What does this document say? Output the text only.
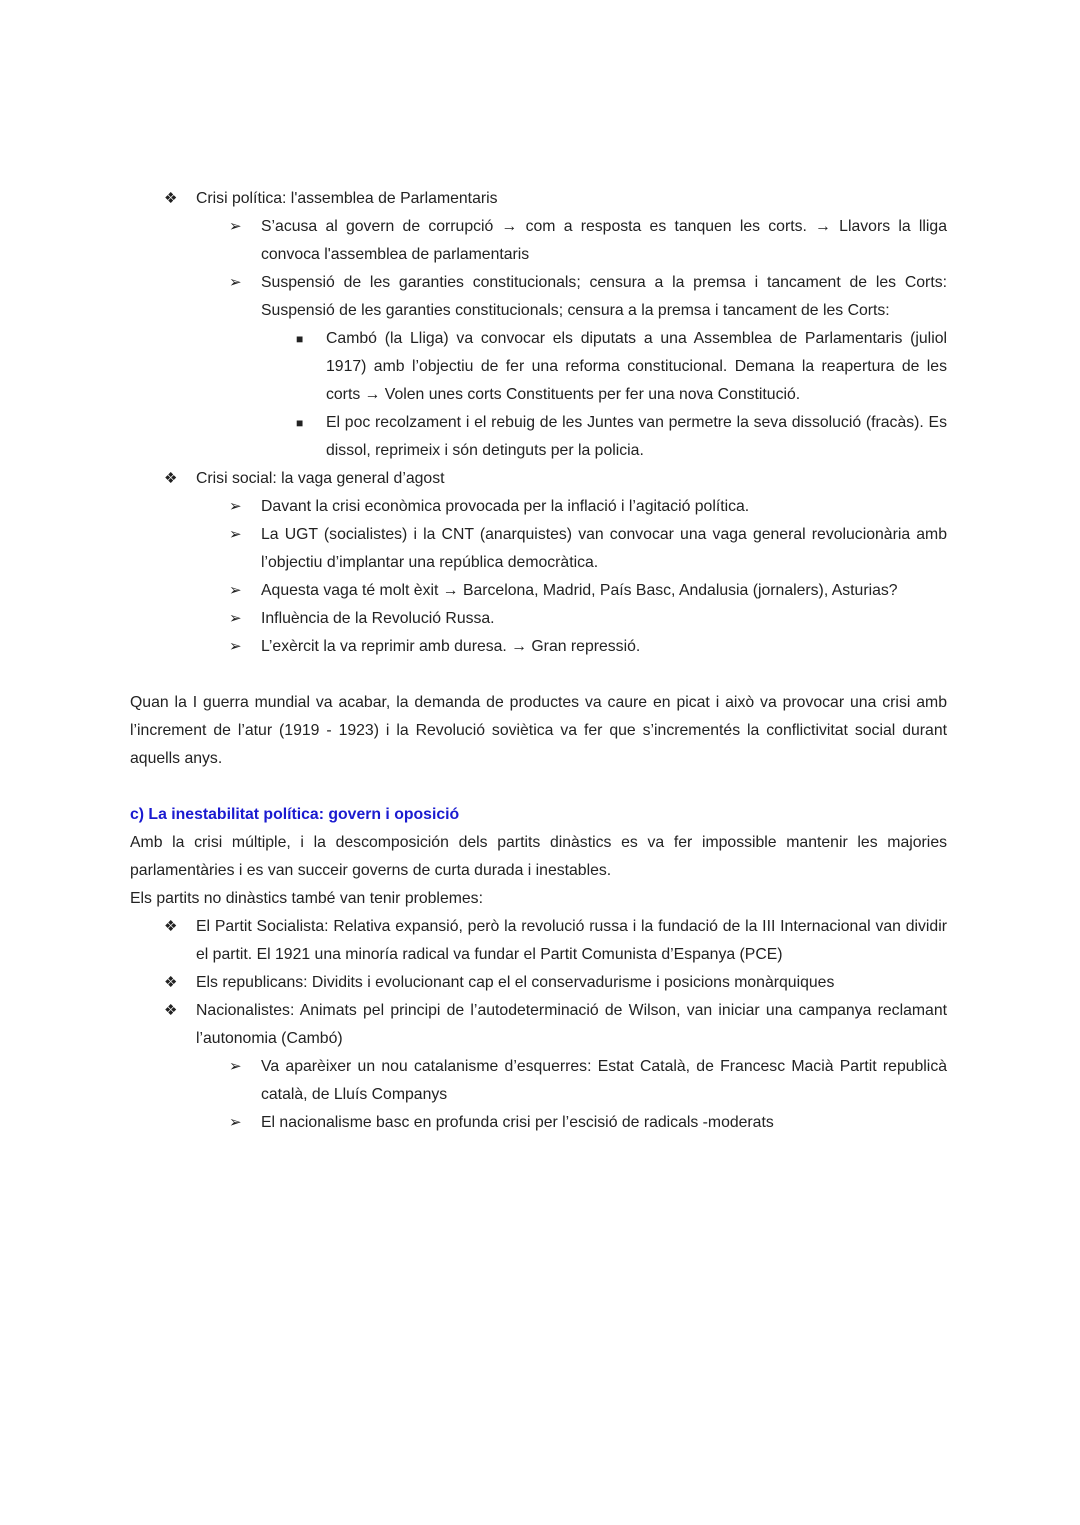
❖ Crisi política: l'assemblea de Parlamentaris
➢ S’acusa al govern de corrupció → com a resposta es tanquen les corts. → Llavors la lliga convoca l'assemblea de parlamentaris
➢ Suspensió de les garanties constitucionals; censura a la premsa i tancament de les Corts: Suspensió de les garanties constitucionals; censura a la premsa i tancament de les Corts:
■ Cambó (la Lliga) va convocar els diputats a una Assemblea de Parlamentaris (juliol 1917) amb l’objectiu de fer una reforma constitucional. Demana la reapertura de les corts → Volen unes corts Constituents per fer una nova Constitució.
■ El poc recolzament i el rebuig de les Juntes van permetre la seva dissolució (fracàs). Es dissol, reprimeix i són detinguts per la policia.
❖ Crisi social: la vaga general d’agost
➢ Davant la crisi econòmica provocada per la inflació i l’agitació política.
➢ La UGT (socialistes) i la CNT (anarquistes) van convocar una vaga general revolucionària amb l’objectiu d’implantar una república democràtica.
➢ Aquesta vaga té molt èxit → Barcelona, Madrid, País Basc, Andalusia (jornalers), Asturias?
➢ Influència de la Revolució Russa.
➢ L’exèrcit la va reprimir amb duresa. → Gran repressió.

Quan la I guerra mundial va acabar, la demanda de productes va caure en picat i això va provocar una crisi amb l’increment de l’atur (1919 - 1923) i la Revolució soviètica va fer que s’incrementés la conflictivitat social durant aquells anys.

c) La inestabilitat política: govern i oposició

Amb la crisi múltiple, i la descomposición dels partits dinàstics es va fer impossible mantenir les majories parlamentàries i es van succeir governs de curta durada i inestables.

Els partits no dinàstics també van tenir problemes:

❖ El Partit Socialista: Relativa expansió, però la revolució russa i la fundació de la III Internacional van dividir el partit. El 1921 una minoría radical va fundar el Partit Comunista d’Espanya (PCE)
❖ Els republicans: Dividits i evolucionant cap el el conservadurisme i posicions monàrquiques
❖ Nacionalistes: Animats pel principi de l’autodeterminació de Wilson, van iniciar una campanya reclamant l’autonomia (Cambó)
➢ Va aparèixer un nou catalanisme d’esquerres: Estat Català, de Francesc Macià Partit republicà català, de Lluís Companys
➢ El nacionalisme basc en profunda crisi per l’escisió de radicals -moderats
